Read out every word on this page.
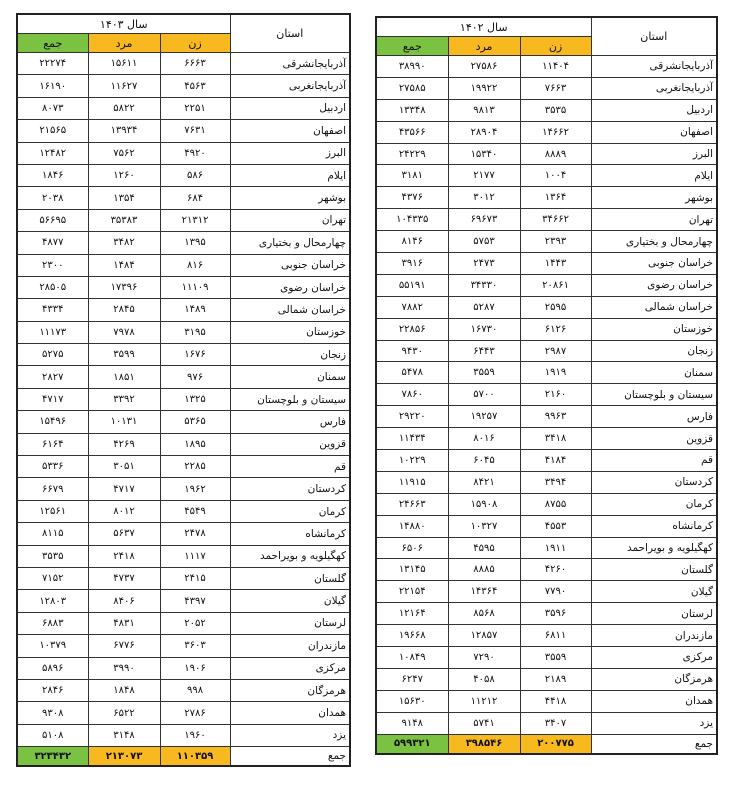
سال ۱۴۰۳			استان
جمع	مرد	زن	
۲۲۲۷۴	۱۵۶۱۱	۶۶۶۳	آذربایجانشرقی
۱۶۱۹۰	۱۱۶۲۷	۴۵۶۳	آذربایجانغربی
۸۰۷۳	۵۸۲۲	۲۲۵۱	اردبیل
۲۱۵۶۵	۱۳۹۳۴	۷۶۳۱	اصفهان
۱۲۴۸۲	۷۵۶۲	۴۹۲۰	البرز
۱۸۴۶	۱۲۶۰	۵۸۶	ایلام
۲۰۳۸	۱۳۵۴	۶۸۴	بوشهر
۵۶۶۹۵	۳۵۳۸۳	۲۱۳۱۲	تهران
۴۸۷۷	۳۴۸۲	۱۳۹۵	چهارمحال و بختیاری
۲۳۰۰	۱۴۸۴	۸۱۶	خراسان جنوبی
۲۸۵۰۵	۱۷۳۹۶	۱۱۱۰۹	خراسان رضوی
۴۳۳۴	۲۸۴۵	۱۴۸۹	خراسان شمالی
۱۱۱۷۳	۷۹۷۸	۳۱۹۵	خوزستان
۵۲۷۵	۳۵۹۹	۱۶۷۶	زنجان
۲۸۲۷	۱۸۵۱	۹۷۶	سمنان
۴۷۱۷	۳۳۹۲	۱۳۲۵	سیستان و بلوچستان
۱۵۴۹۶	۱۰۱۳۱	۵۳۶۵	فارس
۶۱۶۴	۴۲۶۹	۱۸۹۵	قزوین
۵۳۳۶	۳۰۵۱	۲۲۸۵	قم
۶۶۷۹	۴۷۱۷	۱۹۶۲	کردستان
۱۲۵۶۱	۸۰۱۲	۴۵۴۹	کرمان
۸۱۱۵	۵۶۳۷	۲۴۷۸	کرمانشاه
۳۵۳۵	۲۴۱۸	۱۱۱۷	کهگیلویه و بویراحمد
۷۱۵۲	۴۷۳۷	۲۴۱۵	گلستان
۱۲۸۰۳	۸۴۰۶	۴۳۹۷	گیلان
۶۸۸۳	۴۸۳۱	۲۰۵۲	لرستان
۱۰۳۷۹	۶۷۷۶	۳۶۰۳	مازندران
۵۸۹۶	۳۹۹۰	۱۹۰۶	مرکزی
۲۸۴۶	۱۸۴۸	۹۹۸	هرمزگان
۹۳۰۸	۶۵۲۲	۲۷۸۶	همدان
۵۱۰۸	۳۱۴۸	۱۹۶۰	یزد
۳۲۳۴۳۲	۲۱۳۰۷۳	۱۱۰۳۵۹	جمع
سال ۱۴۰۲			استان
جمع	مرد	زن	
۳۸۹۹۰	۲۷۵۸۶	۱۱۴۰۴	آذربایجانشرقی
۲۷۵۸۵	۱۹۹۲۲	۷۶۶۳	آذربایجانغربی
۱۳۳۴۸	۹۸۱۳	۳۵۳۵	اردبیل
۴۳۵۶۶	۲۸۹۰۴	۱۴۶۶۲	اصفهان
۲۴۲۲۹	۱۵۳۴۰	۸۸۸۹	البرز
۳۱۸۱	۲۱۷۷	۱۰۰۴	ایلام
۴۳۷۶	۳۰۱۲	۱۳۶۴	بوشهر
۱۰۴۳۳۵	۶۹۶۷۳	۳۴۶۶۲	تهران
۸۱۴۶	۵۷۵۳	۲۳۹۳	چهارمحال و بختیاری
۳۹۱۶	۲۴۷۳	۱۴۴۳	خراسان جنوبی
۵۵۱۹۱	۳۴۳۳۰	۲۰۸۶۱	خراسان رضوی
۷۸۸۲	۵۲۸۷	۲۵۹۵	خراسان شمالی
۲۲۸۵۶	۱۶۷۳۰	۶۱۲۶	خوزستان
۹۴۳۰	۶۴۴۳	۲۹۸۷	زنجان
۵۴۷۸	۳۵۵۹	۱۹۱۹	سمنان
۷۸۶۰	۵۷۰۰	۲۱۶۰	سیستان و بلوچستان
۲۹۲۲۰	۱۹۲۵۷	۹۹۶۳	فارس
۱۱۴۳۴	۸۰۱۶	۳۴۱۸	قزوین
۱۰۲۲۹	۶۰۴۵	۴۱۸۴	قم
۱۱۹۱۵	۸۴۲۱	۳۴۹۴	کردستان
۲۴۶۶۳	۱۵۹۰۸	۸۷۵۵	کرمان
۱۴۸۸۰	۱۰۳۲۷	۴۵۵۳	کرمانشاه
۶۵۰۶	۴۵۹۵	۱۹۱۱	کهگیلویه و بویراحمد
۱۳۱۴۵	۸۸۸۵	۴۲۶۰	گلستان
۲۲۱۵۴	۱۴۳۶۴	۷۷۹۰	گیلان
۱۲۱۶۴	۸۵۶۸	۳۵۹۶	لرستان
۱۹۶۶۸	۱۲۸۵۷	۶۸۱۱	مازندران
۱۰۸۴۹	۷۲۹۰	۳۵۵۹	مرکزی
۶۲۴۷	۴۰۵۸	۲۱۸۹	هرمزگان
۱۵۶۳۰	۱۱۲۱۲	۴۴۱۸	همدان
۹۱۴۸	۵۷۴۱	۳۴۰۷	یزد
۵۹۹۳۲۱	۳۹۸۵۴۶	۲۰۰۷۷۵	جمع
